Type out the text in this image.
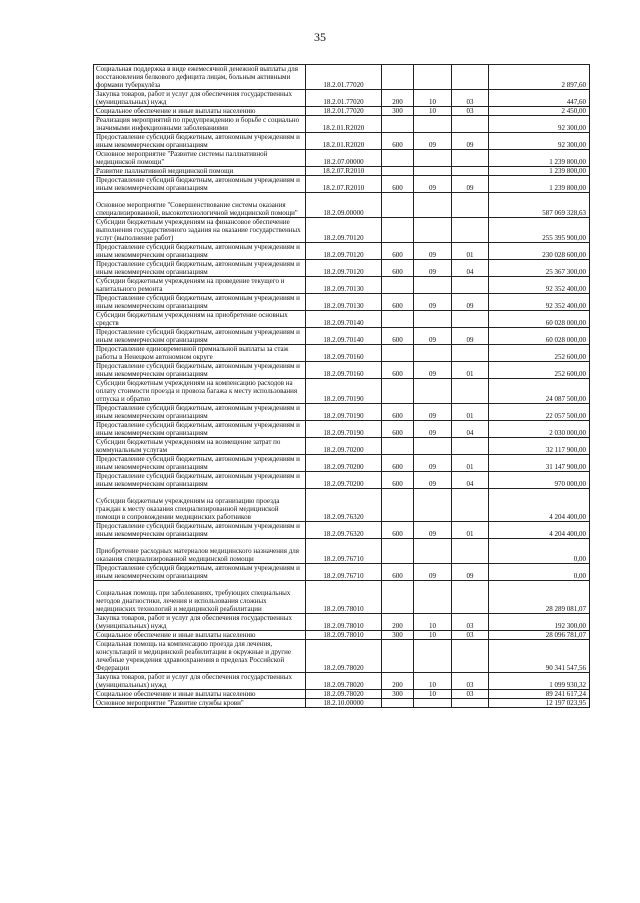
35
Социальная поддержка в виде ежемесячной денежной выплаты для восстановления белкового дефицита лицам, больным активными формами туберкулёза	18.2.01.77020				2 897,60
Закупка товаров, работ и услуг для обеспечения государственных (муниципальных) нужд	18.2.01.77020	200	10	03	447,60
Социальное обеспечение и иные выплаты населению	18.2.01.77020	300	10	03	2 450,00
Реализация мероприятий по предупреждению и борьбе с социально значимыми инфекционными заболеваниями	18.2.01.R2020				92 300,00
Предоставление субсидий бюджетным, автономным учреждениям и иным некоммерческим организациям	18.2.01.R2020	600	09	09	92 300,00
Основное мероприятие "Развитие системы паллиативной медицинской помощи"	18.2.07.00000				1 239 800,00
Развитие паллиативной медицинской помощи	18.2.07.R2010				1 239 800,00
Предоставление субсидий бюджетным, автономным учреждениям и иным некоммерческим организациям	18.2.07.R2010	600	09	09	1 239 800,00
Основное мероприятие "Совершенствование системы оказания специализированной, высокотехнологичной медицинской помощи"	18.2.09.00000				587 069 328,63
Субсидии бюджетным учреждениям на финансовое обеспечение выполнения государственного задания на оказание государственных услуг (выполнение работ)	18.2.09.70120				255 395 900,00
Предоставление субсидий бюджетным, автономным учреждениям и иным некоммерческим организациям	18.2.09.70120	600	09	01	230 028 600,00
Предоставление субсидий бюджетным, автономным учреждениям и иным некоммерческим организациям	18.2.09.70120	600	09	04	25 367 300,00
Субсидии бюджетным учреждениям на проведение текущего и капитального ремонта	18.2.09.70130				92 352 400,00
Предоставление субсидий бюджетным, автономным учреждениям и иным некоммерческим организациям	18.2.09.70130	600	09	09	92 352 400,00
Субсидии бюджетным учреждениям на приобретение основных средств	18.2.09.70140				60 028 000,00
Предоставление субсидий бюджетным, автономным учреждениям и иным некоммерческим организациям	18.2.09.70140	600	09	09	60 028 000,00
Предоставление единовременной премиальной выплаты за стаж работы в Ненецком автономном округе	18.2.09.70160				252 600,00
Предоставление субсидий бюджетным, автономным учреждениям и иным некоммерческим организациям	18.2.09.70160	600	09	01	252 600,00
Субсидии бюджетным учреждениям на компенсацию расходов на оплату стоимости проезда и провоза багажа к месту использования отпуска и обратно	18.2.09.70190				24 087 500,00
Предоставление субсидий бюджетным, автономным учреждениям и иным некоммерческим организациям	18.2.09.70190	600	09	01	22 057 500,00
Предоставление субсидий бюджетным, автономным учреждениям и иным некоммерческим организациям	18.2.09.70190	600	09	04	2 030 000,00
Субсидии бюджетным учреждениям на возмещение затрат по коммунальным услугам	18.2.09.70200				32 117 900,00
Предоставление субсидий бюджетным, автономным учреждениям и иным некоммерческим организациям	18.2.09.70200	600	09	01	31 147 900,00
Предоставление субсидий бюджетным, автономным учреждениям и иным некоммерческим организациям	18.2.09.70200	600	09	04	970 000,00
Субсидии бюджетным учреждениям на организацию проезда граждан к месту оказания специализированной медицинской помощи в сопровождении медицинских работников	18.2.09.76320				4 204 400,00
Предоставление субсидий бюджетным, автономным учреждениям и иным некоммерческим организациям	18.2.09.76320	600	09	01	4 204 400,00
Приобретение расходных материалов медицинского назначения для оказания специализированной медицинской помощи	18.2.09.76710				0,00
Предоставление субсидий бюджетным, автономным учреждениям и иным некоммерческим организациям	18.2.09.76710	600	09	09	0,00
Социальная помощь при заболеваниях, требующих специальных методов диагностики, лечения и использования сложных медицинских технологий и медицинской реабилитации	18.2.09.78010				28 289 081,07
Закупка товаров, работ и услуг для обеспечения государственных (муниципальных) нужд	18.2.09.78010	200	10	03	192 300,00
Социальное обеспечение и иные выплаты населению	18.2.09.78010	300	10	03	28 096 781,07
Социальная помощь на компенсацию проезда для лечения, консультаций и медицинской реабилитации в окружные и другие лечебные учреждения здравоохранения в пределах Российской Федерации	18.2.09.78020				90 341 547,56
Закупка товаров, работ и услуг для обеспечения государственных (муниципальных) нужд	18.2.09.78020	200	10	03	1 099 930,32
Социальное обеспечение и иные выплаты населению	18.2.09.78020	300	10	03	89 241 617,24
Основное мероприятие "Развитие службы крови"	18.2.10.00000				12 197 023,95
